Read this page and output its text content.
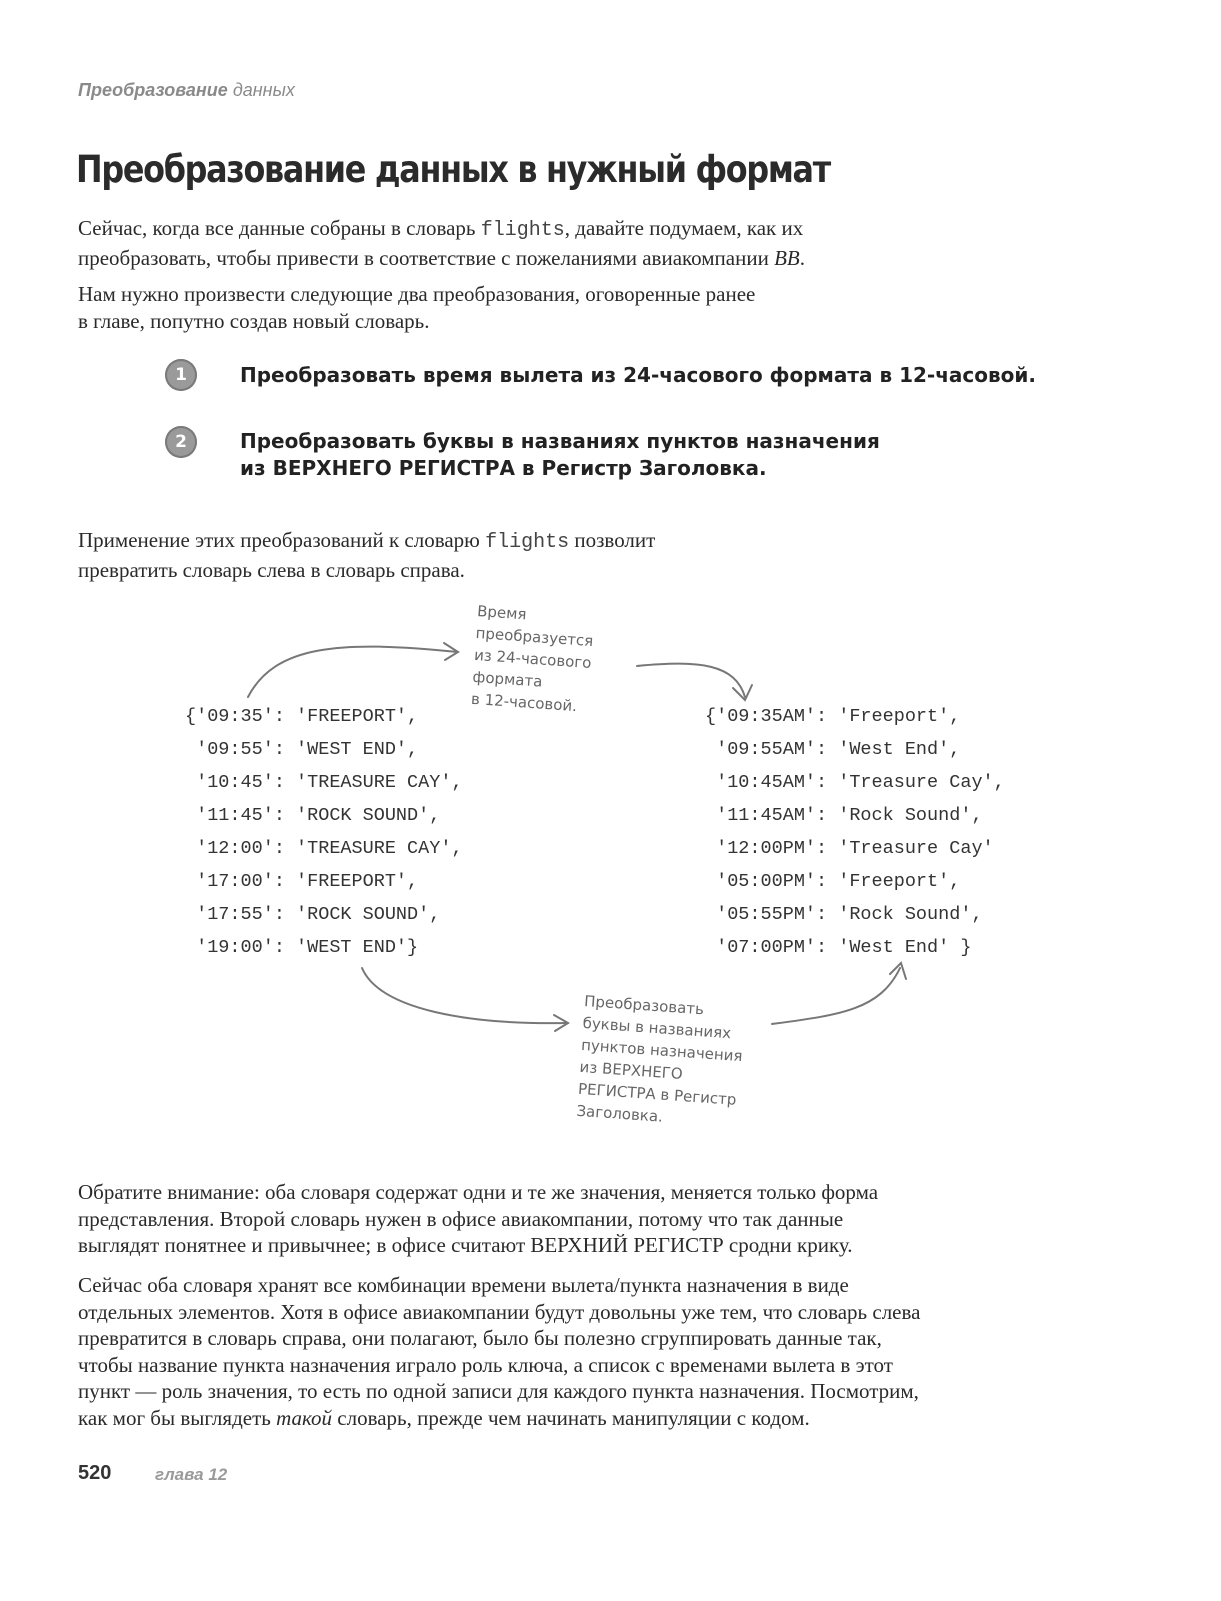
Преобразование данных
Преобразование данных в нужный формат
Сейчас, когда все данные собраны в словарь flights, давайте подумаем, как их
преобразовать, чтобы привести в соответствие с пожеланиями авиакомпании BB.
Нам нужно произвести следующие два преобразования, оговоренные ранее
в главе, попутно создав новый словарь.
1	Преобразовать время вылета из 24-часового формата в 12-часовой.
2	Преобразовать буквы в названиях пунктов назначения
из ВЕРХНЕГО РЕГИСТРА в Регистр Заголовка.
Применение этих преобразований к словарю flights позволит
превратить словарь слева в словарь справа.
Время
преобразуется
из 24-часового
формата
в 12-часовой.
Преобразовать
буквы в названиях
пунктов назначения
из ВЕРХНЕГО
РЕГИСТРА в Регистр
Заголовка.
{'09:35': 'FREEPORT',
'09:55': 'WEST END',
'10:45': 'TREASURE CAY',
'11:45': 'ROCK SOUND',
'12:00': 'TREASURE CAY',
'17:00': 'FREEPORT',
'17:55': 'ROCK SOUND',
'19:00': 'WEST END'}
{'09:35AM': 'Freeport',
'09:55AM': 'West End',
'10:45AM': 'Treasure Cay',
'11:45AM': 'Rock Sound',
'12:00PM': 'Treasure Cay'
'05:00PM': 'Freeport',
'05:55PM': 'Rock Sound',
'07:00PM': 'West End' }
Обратите внимание: оба словаря содержат одни и те же значения, меняется только форма
представления. Второй словарь нужен в офисе авиакомпании, потому что так данные
выглядят понятнее и привычнее; в офисе считают ВЕРХНИЙ РЕГИСТР сродни крику.
Сейчас оба словаря хранят все комбинации времени вылета/пункта назначения в виде
отдельных элементов. Хотя в офисе авиакомпании будут довольны уже тем, что словарь слева
превратится в словарь справа, они полагают, было бы полезно сгруппировать данные так,
чтобы название пункта назначения играло роль ключа, а список с временами вылета в этот
пункт — роль значения, то есть по одной записи для каждого пункта назначения. Посмотрим,
как мог бы выглядеть такой словарь, прежде чем начинать манипуляции с кодом.
520	глава 12
